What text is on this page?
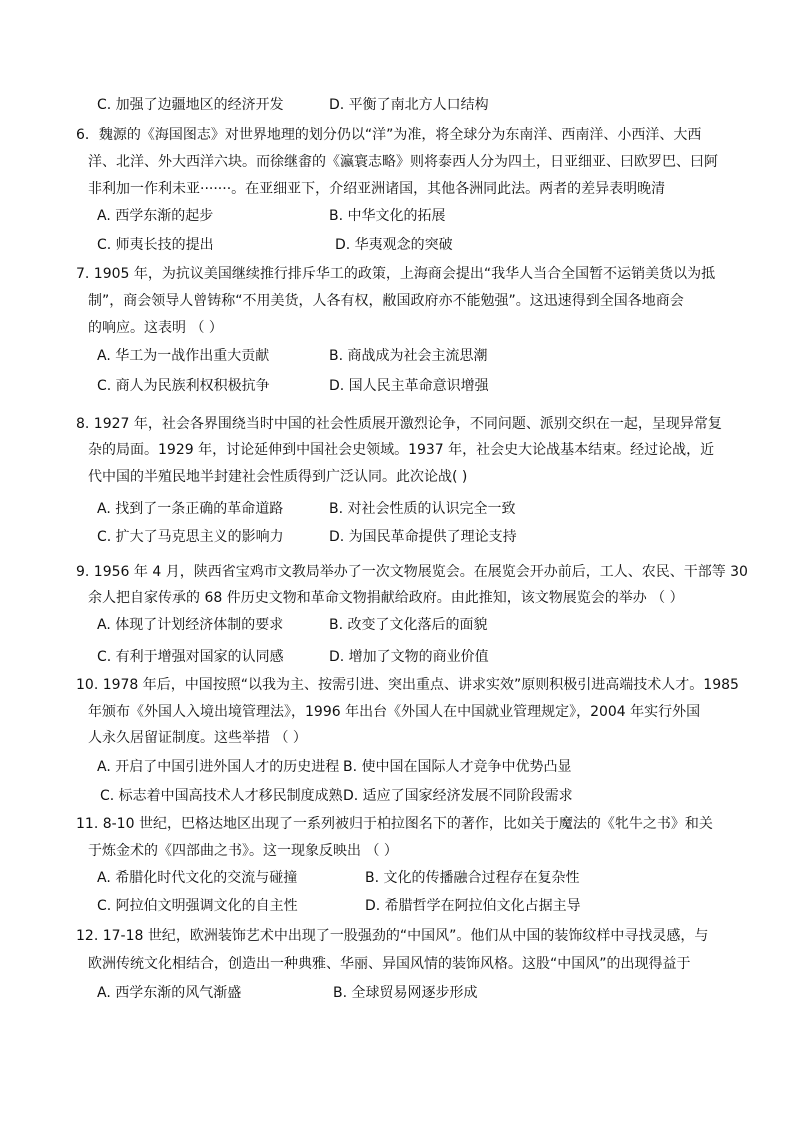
C. 加强了边疆地区的经济开发	D. 平衡了南北方人口结构
6．魏源的《海国图志》对世界地理的划分仍以“洋”为准，将全球分为东南洋、西南洋、小西洋、大西
洋、北洋、外大西洋六块。而徐继畬的《瀛寰志略》则将泰西人分为四土，日亚细亚、曰欧罗巴、曰阿
非利加一作利未亚·······。在亚细亚下，介绍亚洲诸国，其他各洲同此法。两者的差异表明晚清
A. 西学东渐的起步	B. 中华文化的拓展
C. 师夷长技的提出	D. 华夷观念的突破
7. 1905 年，为抗议美国继续推行排斥华工的政策，上海商会提出“我华人当合全国暂不运销美货以为抵
制”，商会领导人曾铸称“不用美货，人各有权，敝国政府亦不能勉强”。这迅速得到全国各地商会
的响应。这表明 （ ）
A. 华工为一战作出重大贡献	B. 商战成为社会主流思潮
C. 商人为民族利权积极抗争	D. 国人民主革命意识增强
8. 1927 年，社会各界围绕当时中国的社会性质展开激烈论争，不同问题、派别交织在一起，呈现异常复
杂的局面。1929 年，讨论延伸到中国社会史领域。1937 年，社会史大论战基本结束。经过论战，近
代中国的半殖民地半封建社会性质得到广泛认同。此次论战( )
A. 找到了一条正确的革命道路	B. 对社会性质的认识完全一致
C. 扩大了马克思主义的影响力	D. 为国民革命提供了理论支持
9. 1956 年 4 月，陕西省宝鸡市文教局举办了一次文物展览会。在展览会开办前后，工人、农民、干部等 30
余人把自家传承的 68 件历史文物和革命文物捐献给政府。由此推知，该文物展览会的举办 （ ）
A. 体现了计划经济体制的要求	B. 改变了文化落后的面貌
C. 有利于增强对国家的认同感	D. 增加了文物的商业价值
10. 1978 年后，中国按照“以我为主、按需引进、突出重点、讲求实效”原则积极引进高端技术人才。1985
年颁布《外国人入境出境管理法》，1996 年出台《外国人在中国就业管理规定》，2004 年实行外国
人永久居留证制度。这些举措 （ ）
A. 开启了中国引进外国人才的历史进程 B. 使中国在国际人才竞争中优势凸显
C. 标志着中国高技术人才移民制度成熟 D. 适应了国家经济发展不同阶段需求
11. 8-10 世纪，巴格达地区出现了一系列被归于柏拉图名下的著作，比如关于魔法的《牝牛之书》和关
于炼金术的《四部曲之书》。这一现象反映出 （ ）
A. 希腊化时代文化的交流与碰撞	B. 文化的传播融合过程存在复杂性
C. 阿拉伯文明强调文化的自主性	D. 希腊哲学在阿拉伯文化占据主导
12. 17-18 世纪，欧洲装饰艺术中出现了一股强劲的“中国风”。他们从中国的装饰纹样中寻找灵感，与
欧洲传统文化相结合，创造出一种典雅、华丽、异国风情的装饰风格。这股“中国风”的出现得益于
A. 西学东渐的风气渐盛	B. 全球贸易网逐步形成
